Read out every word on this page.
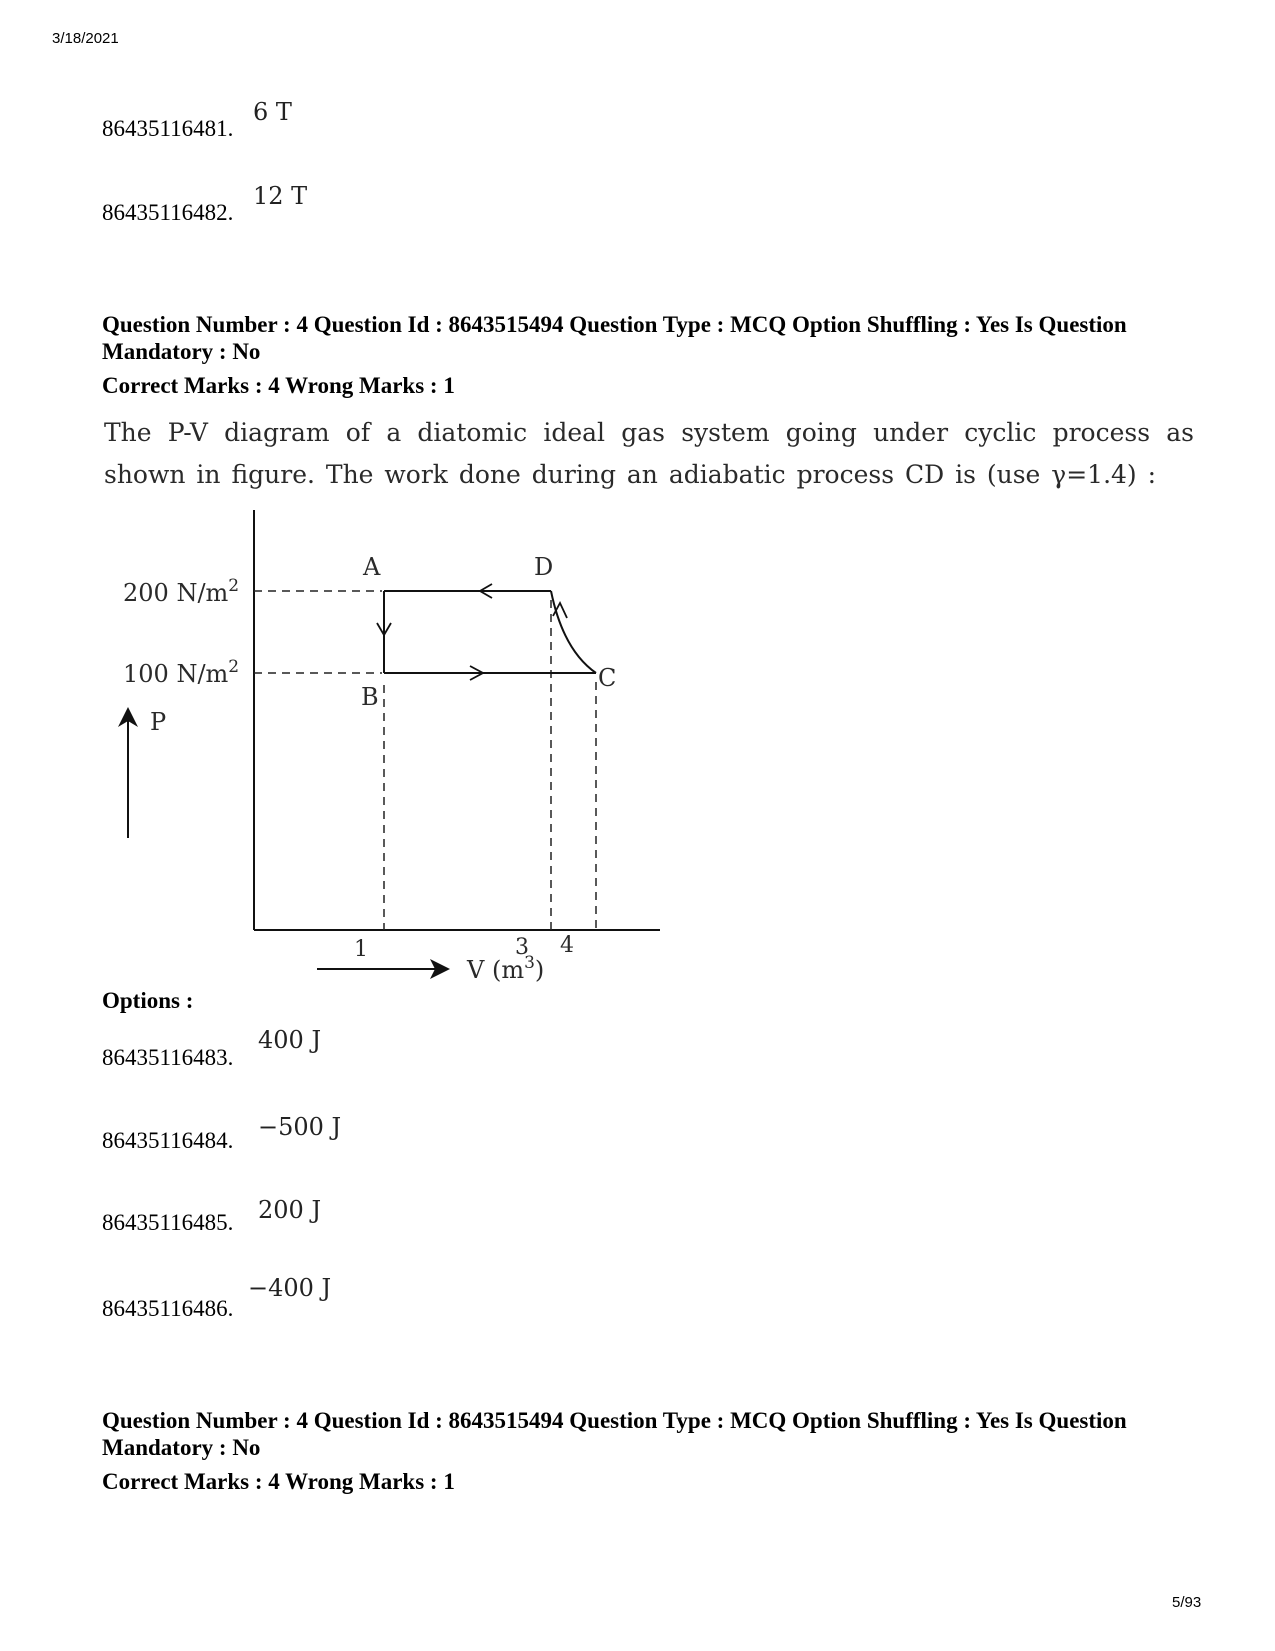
3/18/2021
86435116481.
6 T
86435116482.
12 T
Question Number : 4 Question Id : 8643515494 Question Type : MCQ Option Shuffling : Yes Is Question Mandatory : No
Correct Marks : 4 Wrong Marks : 1
The P-V diagram of a diatomic ideal gas system going under cyclic process as shown in figure. The work done during an adiabatic process CD is (use γ=1.4) :
200 $N/m^2$
100 $N/m^2$
A	D
B
C
P
1	3 4
V $(m^3)$
Options :
86435116483.
400 J
86435116484. −500 J
86435116485. 200 J
86435116486.
−400 J
Question Number : 4 Question Id : 8643515494 Question Type : MCQ Option Shuffling : Yes Is Question Mandatory : No
Correct Marks : 4 Wrong Marks : 1
5/93
